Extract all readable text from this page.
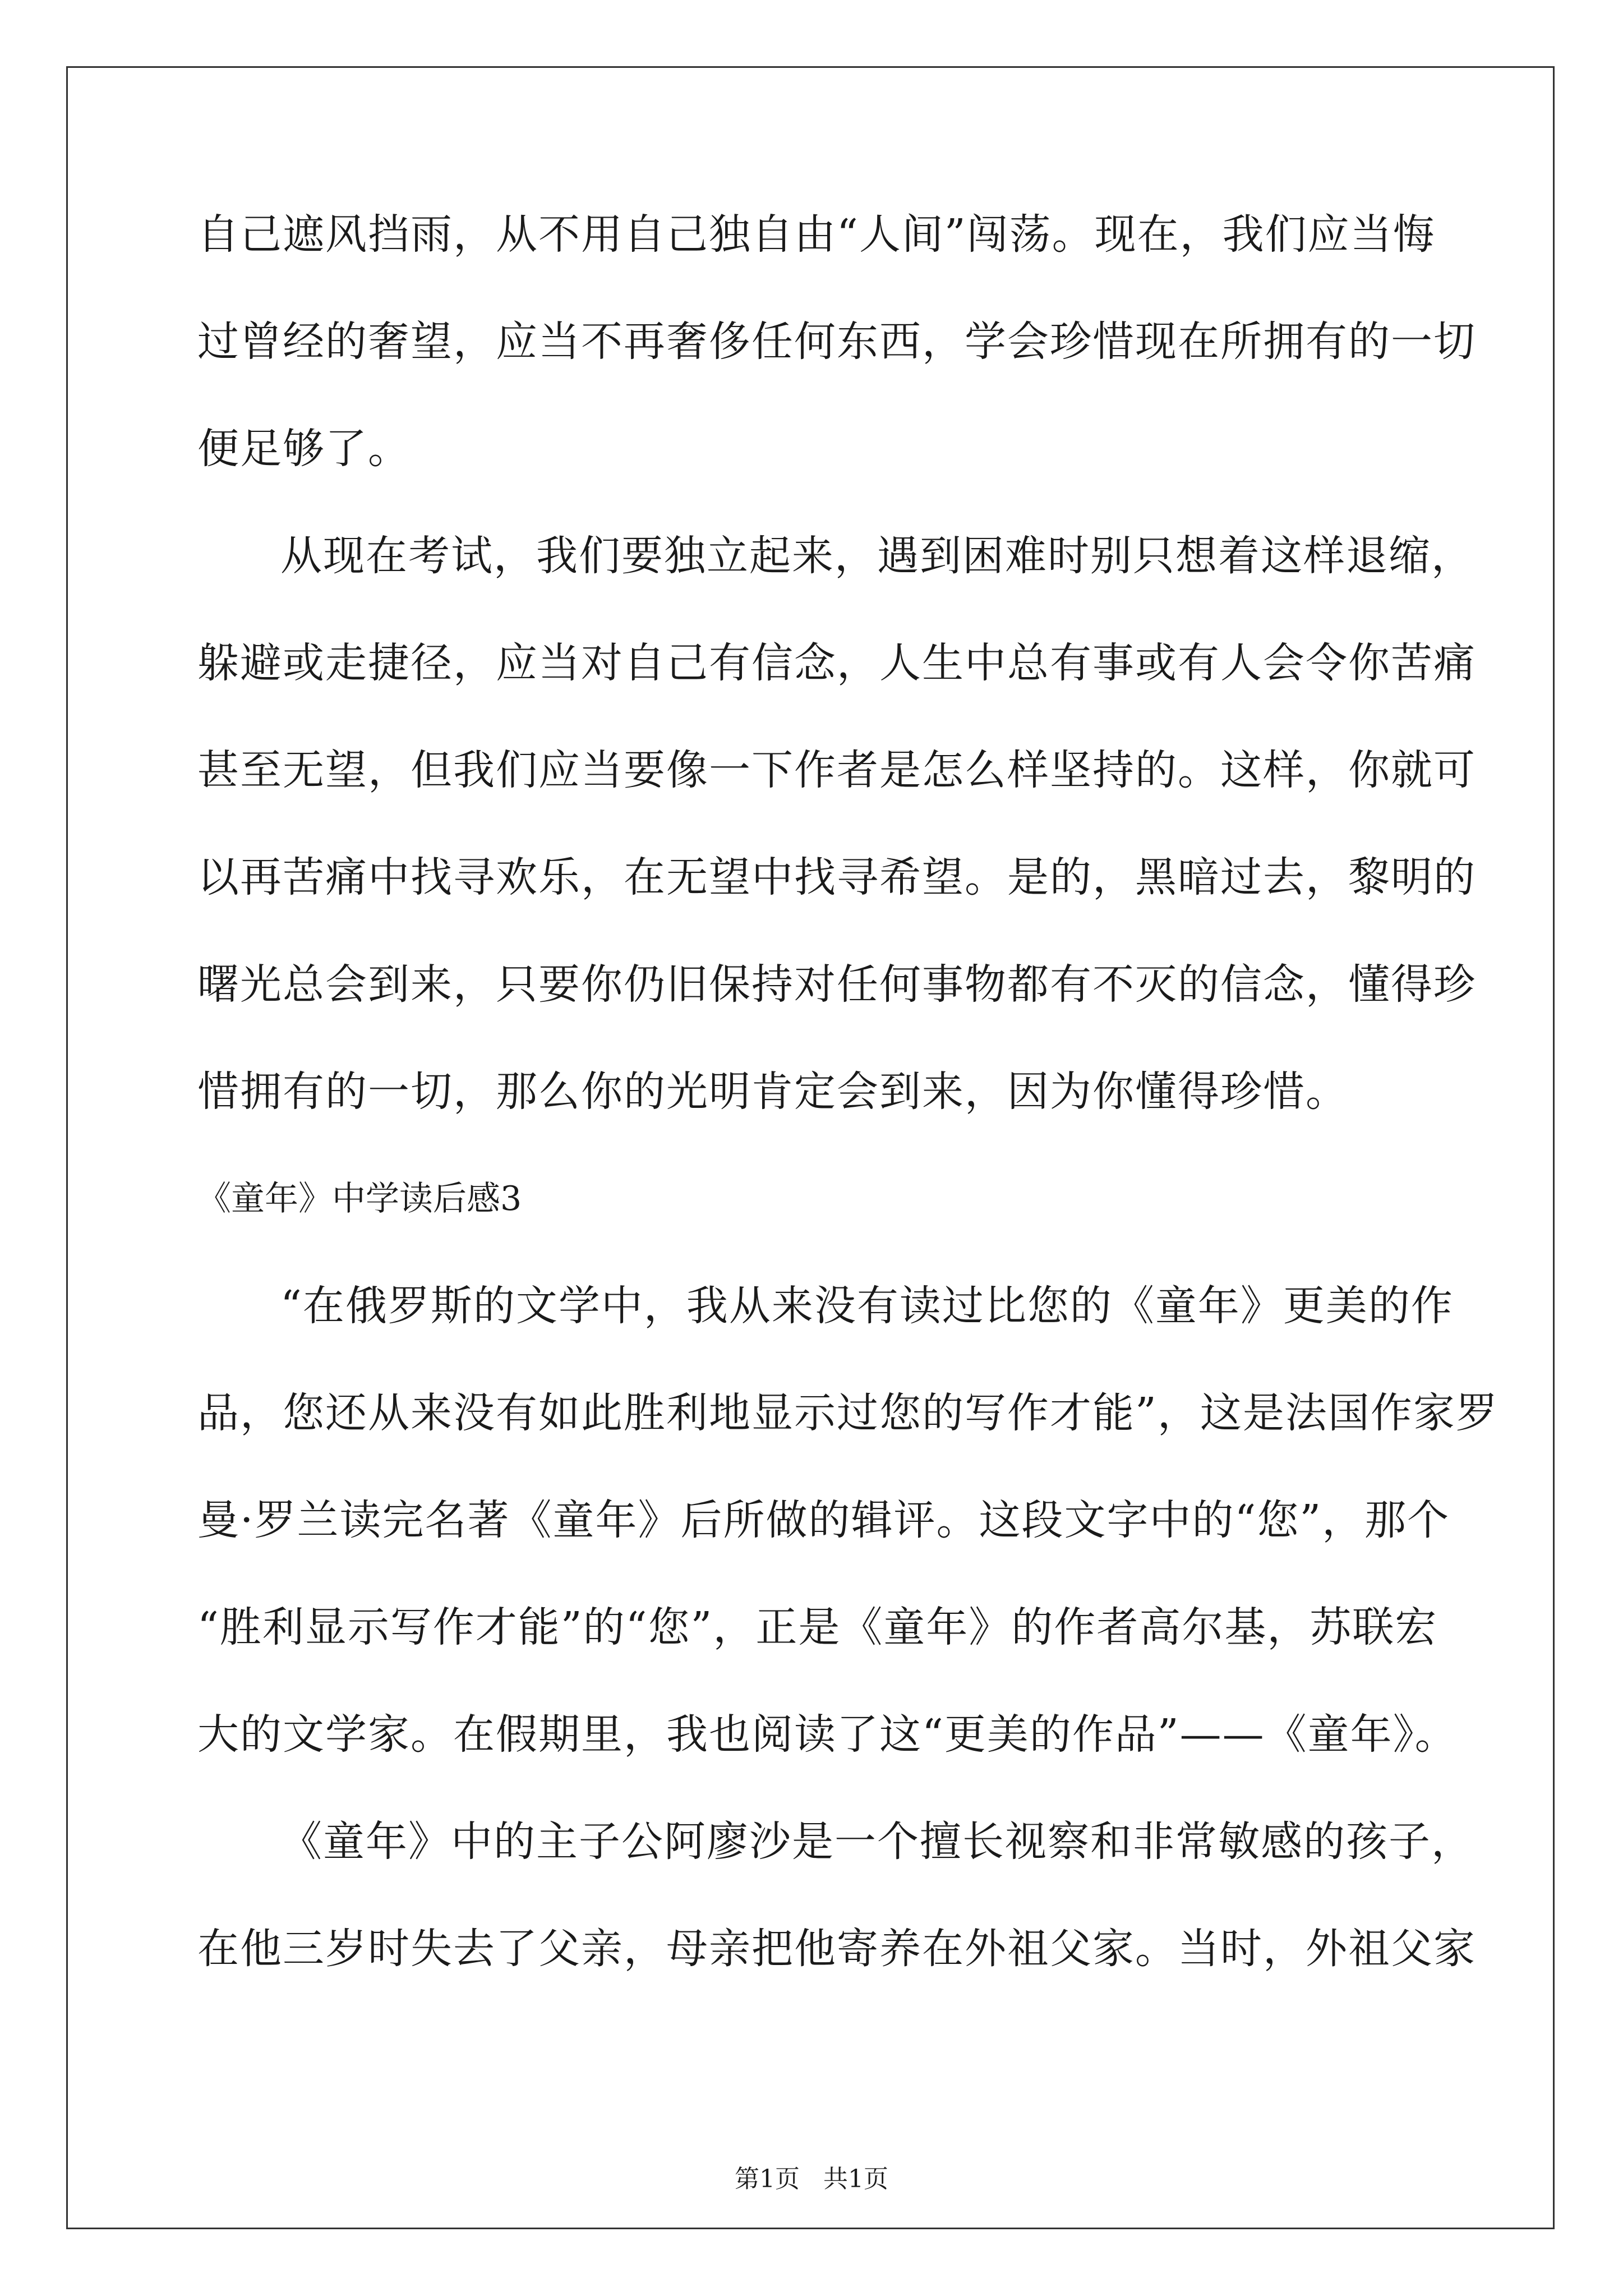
自己遮风挡雨，从不用自己独自由“人间”闯荡。现在，我们应当悔
过曾经的奢望，应当不再奢侈任何东西，学会珍惜现在所拥有的一切
便足够了。
从现在考试，我们要独立起来，遇到困难时别只想着这样退缩，
躲避或走捷径，应当对自己有信念，人生中总有事或有人会令你苦痛
甚至无望，但我们应当要像一下作者是怎么样坚持的。这样，你就可
以再苦痛中找寻欢乐，在无望中找寻希望。是的，黑暗过去，黎明的
曙光总会到来，只要你仍旧保持对任何事物都有不灭的信念，懂得珍
惜拥有的一切，那么你的光明肯定会到来，因为你懂得珍惜。
《童年》中学读后感3
“在俄罗斯的文学中，我从来没有读过比您的《童年》更美的作
品，您还从来没有如此胜利地显示过您的写作才能”，这是法国作家罗
曼·罗兰读完名著《童年》后所做的辑评。这段文字中的“您”，那个
“胜利显示写作才能”的“您”，正是《童年》的作者高尔基，苏联宏
大的文学家。在假期里，我也阅读了这“更美的作品”——《童年》。
《童年》中的主子公阿廖沙是一个擅长视察和非常敏感的孩子，
在他三岁时失去了父亲，母亲把他寄养在外祖父家。当时，外祖父家
第1页   共1页
